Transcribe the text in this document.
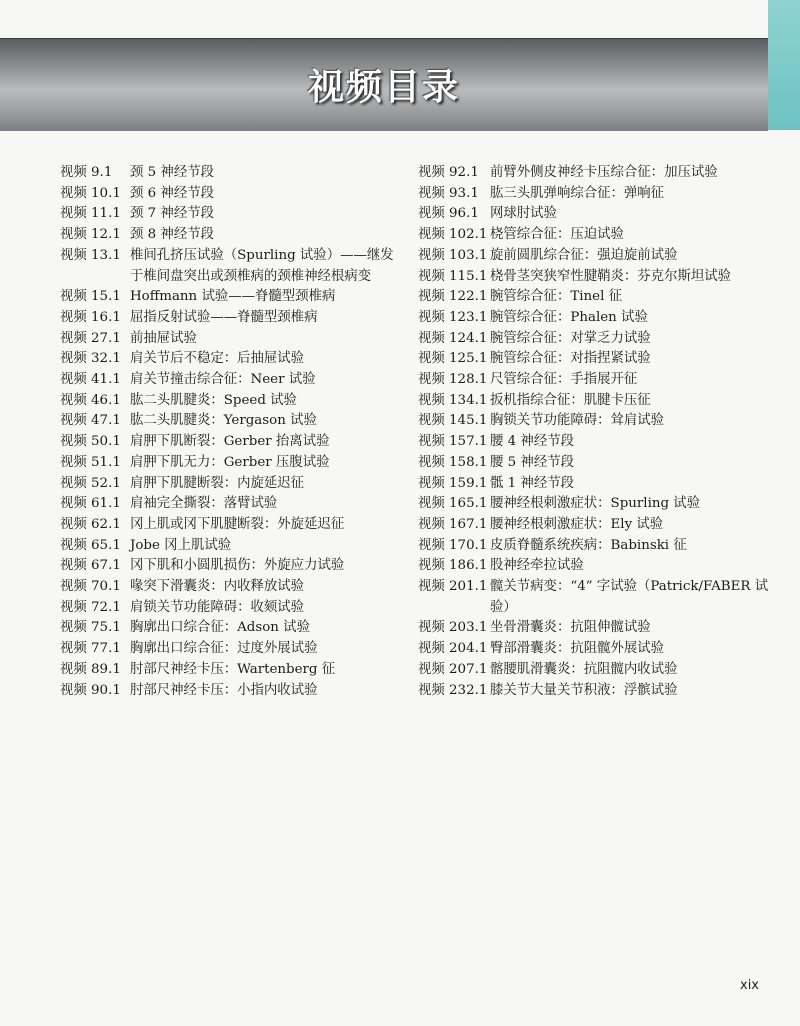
视频目录
视频 9.1	颈 5 神经节段
视频 10.1 颈 6 神经节段
视频 11.1 颈 7 神经节段
视频 12.1 颈 8 神经节段
视频 13.1 椎间孔挤压试验（Spurling 试验）——继发于椎间盘突出或颈椎病的颈椎神经根病变
视频 15.1 Hoffmann 试验——脊髓型颈椎病
视频 16.1 屈指反射试验——脊髓型颈椎病
视频 27.1 前抽屉试验
视频 32.1 肩关节后不稳定：后抽屉试验
视频 41.1 肩关节撞击综合征：Neer 试验
视频 46.1 肱二头肌腱炎：Speed 试验
视频 47.1 肱二头肌腱炎：Yergason 试验
视频 50.1 肩胛下肌断裂：Gerber 抬离试验
视频 51.1 肩胛下肌无力：Gerber 压腹试验
视频 52.1 肩胛下肌腱断裂：内旋延迟征
视频 61.1 肩袖完全撕裂：落臂试验
视频 62.1 冈上肌或冈下肌腱断裂：外旋延迟征
视频 65.1 Jobe 冈上肌试验
视频 67.1 冈下肌和小圆肌损伤：外旋应力试验
视频 70.1 喙突下滑囊炎：内收释放试验
视频 72.1 肩锁关节功能障碍：收颏试验
视频 75.1 胸廓出口综合征：Adson 试验
视频 77.1 胸廓出口综合征：过度外展试验
视频 89.1 肘部尺神经卡压：Wartenberg 征
视频 90.1 肘部尺神经卡压：小指内收试验
视频 92.1 前臂外侧皮神经卡压综合征：加压试验
视频 93.1 肱三头肌弹响综合征：弹响征
视频 96.1 网球肘试验
视频 102.1 桡管综合征：压迫试验
视频 103.1 旋前圆肌综合征：强迫旋前试验
视频 115.1 桡骨茎突狭窄性腱鞘炎：芬克尔斯坦试验
视频 122.1 腕管综合征：Tinel 征
视频 123.1 腕管综合征：Phalen 试验
视频 124.1 腕管综合征：对掌乏力试验
视频 125.1 腕管综合征：对指捏紧试验
视频 128.1 尺管综合征：手指展开征
视频 134.1 扳机指综合征：肌腱卡压征
视频 145.1 胸锁关节功能障碍：耸肩试验
视频 157.1 腰 4 神经节段
视频 158.1 腰 5 神经节段
视频 159.1 骶 1 神经节段
视频 165.1 腰神经根刺激症状：Spurling 试验
视频 167.1 腰神经根刺激症状：Ely 试验
视频 170.1 皮质脊髓系统疾病：Babinski 征
视频 186.1 股神经牵拉试验
视频 201.1 髋关节病变：“4” 字试验（Patrick/FABER 试验）
视频 203.1 坐骨滑囊炎：抗阻伸髋试验
视频 204.1 臀部滑囊炎：抗阻髋外展试验
视频 207.1 髂腰肌滑囊炎：抗阻髋内收试验
视频 232.1 膝关节大量关节积液：浮髌试验
xix
